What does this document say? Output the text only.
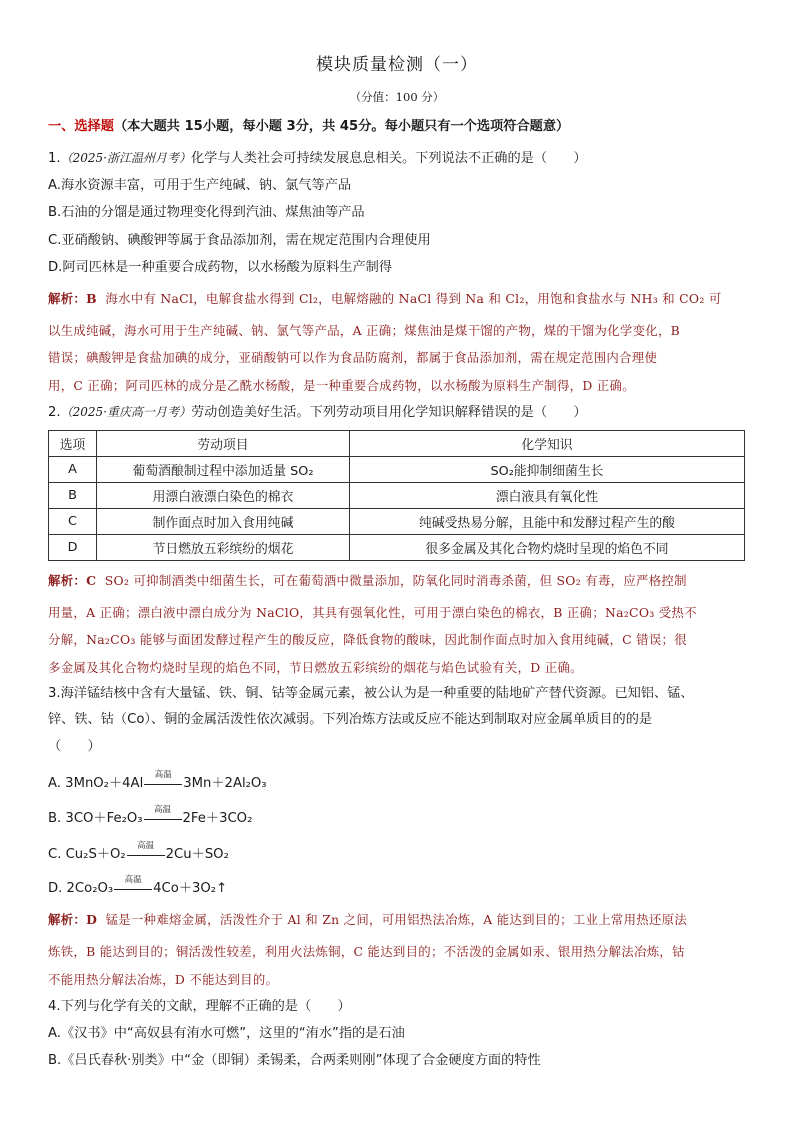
模块质量检测（一）
（分值：100 分）
一、选择题（本大题共 15小题，每小题 3分，共 45分。每小题只有一个选项符合题意）
1.（2025·浙江温州月考）化学与人类社会可持续发展息息相关。下列说法不正确的是（　　）
A.海水资源丰富，可用于生产纯碱、钠、氯气等产品
B.石油的分馏是通过物理变化得到汽油、煤焦油等产品
C.亚硝酸钠、碘酸钾等属于食品添加剂，需在规定范围内合理使用
D.阿司匹林是一种重要合成药物，以水杨酸为原料生产制得
解析：B 海水中有 NaCl，电解食盐水得到 Cl₂，电解熔融的 NaCl 得到 Na 和 Cl₂，用饱和食盐水与 NH₃ 和 CO₂ 可
以生成纯碱，海水可用于生产纯碱、钠、氯气等产品，A 正确；煤焦油是煤干馏的产物，煤的干馏为化学变化，B
错误；碘酸钾是食盐加碘的成分，亚硝酸钠可以作为食品防腐剂，都属于食品添加剂，需在规定范围内合理使
用，C 正确；阿司匹林的成分是乙酰水杨酸，是一种重要合成药物，以水杨酸为原料生产制得，D 正确。
2.（2025·重庆高一月考）劳动创造美好生活。下列劳动项目用化学知识解释错误的是（　　）
选项	劳动项目	化学知识
A	葡萄酒酿制过程中添加适量 SO₂	SO₂能抑制细菌生长
B	用漂白液漂白染色的棉衣	漂白液具有氧化性
C	制作面点时加入食用纯碱	纯碱受热易分解，且能中和发酵过程产生的酸
D	节日燃放五彩缤纷的烟花	很多金属及其化合物灼烧时呈现的焰色不同
解析：C SO₂ 可抑制酒类中细菌生长，可在葡萄酒中微量添加，防氧化同时消毒杀菌，但 SO₂ 有毒，应严格控制
用量，A 正确；漂白液中漂白成分为 NaClO，其具有强氧化性，可用于漂白染色的棉衣，B 正确；Na₂CO₃ 受热不
分解，Na₂CO₃ 能够与面团发酵过程产生的酸反应，降低食物的酸味，因此制作面点时加入食用纯碱，C 错误；很
多金属及其化合物灼烧时呈现的焰色不同，节日燃放五彩缤纷的烟花与焰色试验有关，D 正确。
3.海洋锰结核中含有大量锰、铁、铜、钴等金属元素，被公认为是一种重要的陆地矿产替代资源。已知铝、锰、
锌、铁、钴（Co）、铜的金属活泼性依次减弱。下列冶炼方法或反应不能达到制取对应金属单质目的的是
（　　）
A. 3MnO₂＋4Al
高温
3Mn＋2Al₂O₃
B. 3CO＋Fe₂O₃
高温
2Fe＋3CO₂
C. Cu₂S＋O₂
高温
2Cu＋SO₂
D. 2Co₂O₃
高温
4Co＋3O₂↑
解析：D 锰是一种难熔金属，活泼性介于 Al 和 Zn 之间，可用铝热法冶炼，A 能达到目的；工业上常用热还原法
炼铁，B 能达到目的；铜活泼性较差，利用火法炼铜，C 能达到目的；不活泼的金属如汞、银用热分解法冶炼，钴
不能用热分解法冶炼，D 不能达到目的。
4.下列与化学有关的文献，理解不正确的是（　　）
A.《汉书》中“高奴县有洧水可燃”，这里的“洧水”指的是石油
B.《吕氏春秋·别类》中“金（即铜）柔锡柔，合两柔则刚”体现了合金硬度方面的特性
